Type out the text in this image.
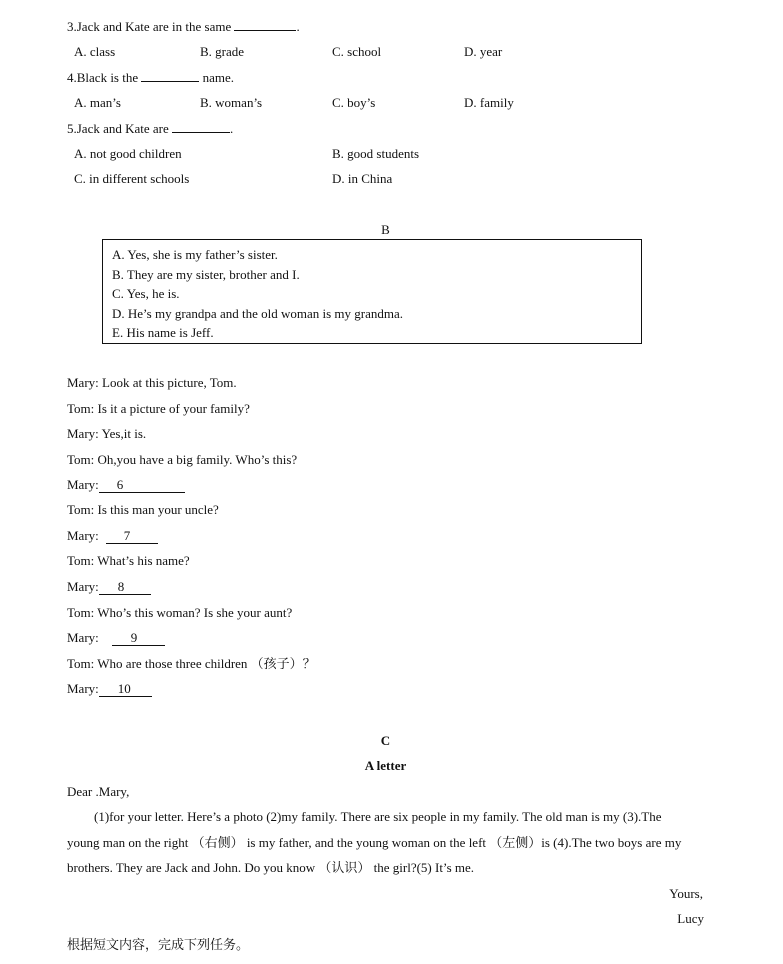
3.Jack and Kate are in the same	.
A. class	B. grade	C. school	D. year
4.Black is the	name.
A. man’s	B. woman’s	C. boy’s	D. family
5.Jack and Kate are	.
A. not good children	B. good students
C. in different schools	D. in China
B
A. Yes, she is my father’s sister.
B. They are my sister, brother and I.
C. Yes, he is.
D. He’s my grandpa and the old woman is my grandma.
E. His name is Jeff.
Mary: Look at this picture, Tom.
Tom: Is it a picture of your family?
Mary: Yes,it is.
Tom: Oh,you have a big family. Who’s this?
Mary: 6
Tom: Is this man your uncle?
Mary: 7
Tom: What’s his name?
Mary: 8
Tom: Who’s this woman? Is she your aunt?
Mary: 9
Tom: Who are those three children （孩子）？
Mary: 10
C
A letter
Dear .Mary,
(1)for your letter. Here’s a photo (2)my family. There are six people in my family. The old man is my (3).The
young man on the right （右侧） is my father, and the young woman on the left （左侧）is (4).The two boys are my
brothers. They are Jack and John. Do you know （认识） the girl?(5) It’s me.
Yours,
Lucy
根据短文内容，完成下列任务。
